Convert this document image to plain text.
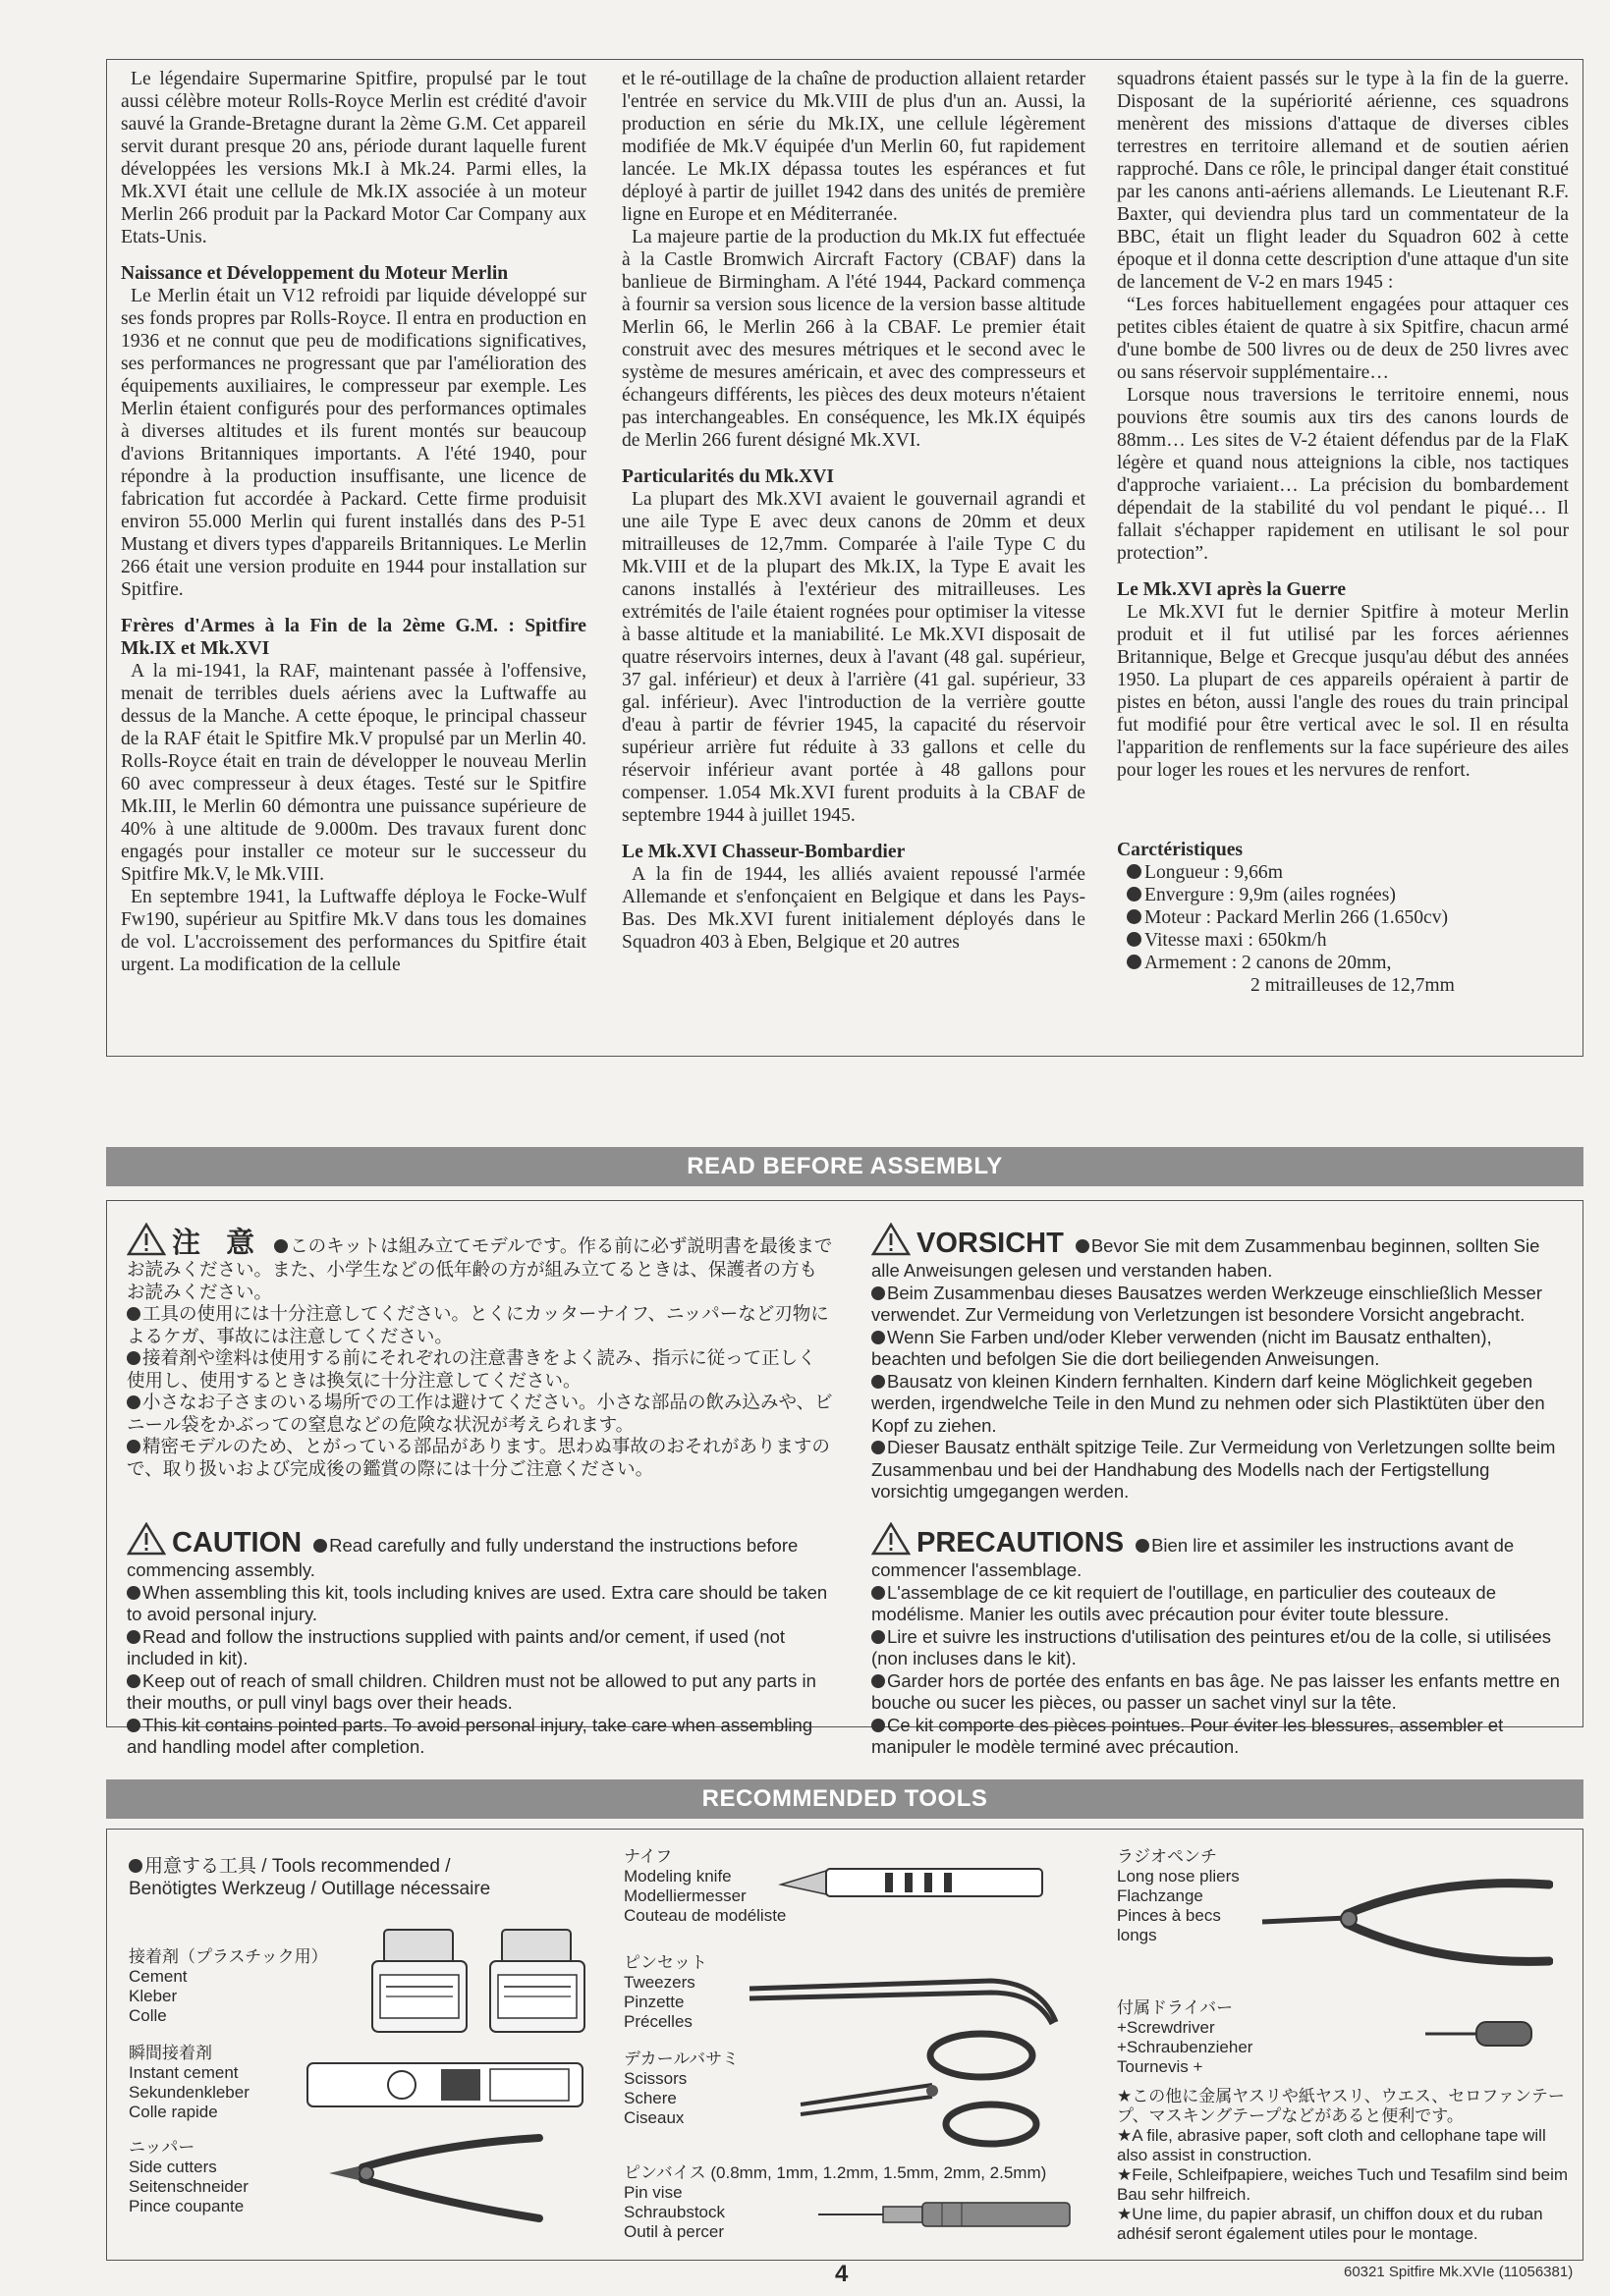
Le légendaire Supermarine Spitfire, propulsé par le tout aussi célèbre moteur Rolls-Royce Merlin est crédité d'avoir sauvé la Grande-Bretagne durant la 2ème G.M. Cet appareil servit durant presque 20 ans, période durant laquelle furent développées les versions Mk.I à Mk.24. Parmi elles, la Mk.XVI était une cellule de Mk.IX associée à un moteur Merlin 266 produit par la Packard Motor Car Company aux Etats-Unis.

Naissance et Développement du Moteur Merlin

Le Merlin était un V12 refroidi par liquide développé sur ses fonds propres par Rolls-Royce. Il entra en production en 1936 et ne connut que peu de modifications significatives, ses performances ne progressant que par l'amélioration des équipements auxiliaires, le compresseur par exemple. Les Merlin étaient configurés pour des performances optimales à diverses altitudes et ils furent montés sur beaucoup d'avions Britanniques importants. A l'été 1940, pour répondre à la production insuffisante, une licence de fabrication fut accordée à Packard. Cette firme produisit environ 55.000 Merlin qui furent installés dans des P-51 Mustang et divers types d'appareils Britanniques. Le Merlin 266 était une version produite en 1944 pour installation sur Spitfire.

Frères d'Armes à la Fin de la 2ème G.M. : Spitfire Mk.IX et Mk.XVI

A la mi-1941, la RAF, maintenant passée à l'offensive, menait de terribles duels aériens avec la Luftwaffe au dessus de la Manche. A cette époque, le principal chasseur de la RAF était le Spitfire Mk.V propulsé par un Merlin 40. Rolls-Royce était en train de développer le nouveau Merlin 60 avec compresseur à deux étages. Testé sur le Spitfire Mk.III, le Merlin 60 démontra une puissance supérieure de 40% à une altitude de 9.000m. Des travaux furent donc engagés pour installer ce moteur sur le successeur du Spitfire Mk.V, le Mk.VIII.

En septembre 1941, la Luftwaffe déploya le Focke-Wulf Fw190, supérieur au Spitfire Mk.V dans tous les domaines de vol. L'accroissement des performances du Spitfire était urgent. La modification de la cellule

et le ré-outillage de la chaîne de production allaient retarder l'entrée en service du Mk.VIII de plus d'un an. Aussi, la production en série du Mk.IX, une cellule légèrement modifiée de Mk.V équipée d'un Merlin 60, fut rapidement lancée. Le Mk.IX dépassa toutes les espérances et fut déployé à partir de juillet 1942 dans des unités de première ligne en Europe et en Méditerranée.

La majeure partie de la production du Mk.IX fut effectuée à la Castle Bromwich Aircraft Factory (CBAF) dans la banlieue de Birmingham. A l'été 1944, Packard commença à fournir sa version sous licence de la version basse altitude Merlin 66, le Merlin 266 à la CBAF. Le premier était construit avec des mesures métriques et le second avec le système de mesures américain, et avec des compresseurs et échangeurs différents, les pièces des deux moteurs n'étaient pas interchangeables. En conséquence, les Mk.IX équipés de Merlin 266 furent désigné Mk.XVI.

Particularités du Mk.XVI

La plupart des Mk.XVI avaient le gouvernail agrandi et une aile Type E avec deux canons de 20mm et deux mitrailleuses de 12,7mm. Comparée à l'aile Type C du Mk.VIII et de la plupart des Mk.IX, la Type E avait les canons installés à l'extérieur des mitrailleuses. Les extrémités de l'aile étaient rognées pour optimiser la vitesse à basse altitude et la maniabilité. Le Mk.XVI disposait de quatre réservoirs internes, deux à l'avant (48 gal. supérieur, 37 gal. inférieur) et deux à l'arrière (41 gal. supérieur, 33 gal. inférieur). Avec l'introduction de la verrière goutte d'eau à partir de février 1945, la capacité du réservoir supérieur arrière fut réduite à 33 gallons et celle du réservoir inférieur avant portée à 48 gallons pour compenser. 1.054 Mk.XVI furent produits à la CBAF de septembre 1944 à juillet 1945.

Le Mk.XVI Chasseur-Bombardier

A la fin de 1944, les alliés avaient repoussé l'armée Allemande et s'enfonçaient en Belgique et dans les Pays-Bas. Des Mk.XVI furent initialement déployés dans le Squadron 403 à Eben, Belgique et 20 autres

squadrons étaient passés sur le type à la fin de la guerre. Disposant de la supériorité aérienne, ces squadrons menèrent des missions d'attaque de diverses cibles terrestres en territoire allemand et de soutien aérien rapproché. Dans ce rôle, le principal danger était constitué par les canons anti-aériens allemands. Le Lieutenant R.F. Baxter, qui deviendra plus tard un commentateur de la BBC, était un flight leader du Squadron 602 à cette époque et il donna cette description d'une attaque d'un site de lancement de V-2 en mars 1945 :

“Les forces habituellement engagées pour attaquer ces petites cibles étaient de quatre à six Spitfire, chacun armé d'une bombe de 500 livres ou de deux de 250 livres avec ou sans réservoir supplémentaire…

Lorsque nous traversions le territoire ennemi, nous pouvions être soumis aux tirs des canons lourds de 88mm… Les sites de V-2 étaient défendus par de la FlaK légère et quand nous atteignions la cible, nos tactiques d'approche variaient… La précision du bombardement dépendait de la stabilité du vol pendant le piqué… Il fallait s'échapper rapidement en utilisant le sol pour protection”.

Le Mk.XVI après la Guerre

Le Mk.XVI fut le dernier Spitfire à moteur Merlin produit et il fut utilisé par les forces aériennes Britannique, Belge et Grecque jusqu'au début des années 1950. La plupart de ces appareils opéraient à partir de pistes en béton, aussi l'angle des roues du train principal fut modifié pour être vertical avec le sol. Il en résulta l'apparition de renflements sur la face supérieure des ailes pour loger les roues et les nervures de renfort.

Carctéristiques

Longueur : 9,66m

Envergure : 9,9m (ailes rognées)

Moteur : Packard Merlin 266 (1.650cv)

Vitesse maxi : 650km/h

Armement : 2 canons de 20mm,

2 mitrailleuses de 12,7mm

READ BEFORE ASSEMBLY

注 意 このキットは組み立てモデルです。作る前に必ず説明書を最後までお読みください。また、小学生などの低年齢の方が組み立てるときは、保護者の方もお読みください。

工具の使用には十分注意してください。とくにカッターナイフ、ニッパーなど刃物によるケガ、事故には注意してください。

接着剤や塗料は使用する前にそれぞれの注意書きをよく読み、指示に従って正しく使用し、使用するときは換気に十分注意してください。

小さなお子さまのいる場所での工作は避けてください。小さな部品の飲み込みや、ビニール袋をかぶっての窒息などの危険な状況が考えられます。

精密モデルのため、とがっている部品があります。思わぬ事故のおそれがありますので、取り扱いおよび完成後の鑑賞の際には十分ご注意ください。

CAUTION Read carefully and fully understand the instructions before commencing assembly.

When assembling this kit, tools including knives are used. Extra care should be taken to avoid personal injury.

Read and follow the instructions supplied with paints and/or cement, if used (not included in kit).

Keep out of reach of small children. Children must not be allowed to put any parts in their mouths, or pull vinyl bags over their heads.

This kit contains pointed parts. To avoid personal injury, take care when assembling and handling model after completion.

VORSICHT Bevor Sie mit dem Zusammenbau beginnen, sollten Sie alle Anweisungen gelesen und verstanden haben.

Beim Zusammenbau dieses Bausatzes werden Werkzeuge einschließlich Messer verwendet. Zur Vermeidung von Verletzungen ist besondere Vorsicht angebracht.

Wenn Sie Farben und/oder Kleber verwenden (nicht im Bausatz enthalten), beachten und befolgen Sie die dort beiliegenden Anweisungen.

Bausatz von kleinen Kindern fernhalten. Kindern darf keine Möglichkeit gegeben werden, irgendwelche Teile in den Mund zu nehmen oder sich Plastiktüten über den Kopf zu ziehen.

Dieser Bausatz enthält spitzige Teile. Zur Vermeidung von Verletzungen sollte beim Zusammenbau und bei der Handhabung des Modells nach der Fertigstellung vorsichtig umgegangen werden.

PRECAUTIONS Bien lire et assimiler les instructions avant de commencer l'assemblage.

L'assemblage de ce kit requiert de l'outillage, en particulier des couteaux de modélisme. Manier les outils avec précaution pour éviter toute blessure.

Lire et suivre les instructions d'utilisation des peintures et/ou de la colle, si utilisées (non incluses dans le kit).

Garder hors de portée des enfants en bas âge. Ne pas laisser les enfants mettre en bouche ou sucer les pièces, ou passer un sachet vinyl sur la tête.

Ce kit comporte des pièces pointues. Pour éviter les blessures, assembler et manipuler le modèle terminé avec précaution.

RECOMMENDED TOOLS
用意する工具 / Tools recommended /
Benötigtes Werkzeug / Outillage nécessaire
接着剤（プラスチック用）
Cement
Kleber
Colle
瞬間接着剤
Instant cement
Sekundenkleber
Colle rapide
ニッパー
Side cutters
Seitenschneider
Pince coupante
ナイフ
Modeling knife
Modelliermesser
Couteau de modéliste
ピンセット
Tweezers
Pinzette
Précelles
デカールバサミ
Scissors
Schere
Ciseaux
ピンバイス (0.8mm, 1mm, 1.2mm, 1.5mm, 2mm, 2.5mm)
Pin vise
Schraubstock
Outil à percer
ラジオペンチ
Long nose pliers
Flachzange
Pinces à becs
longs
付属ドライバー
+Screwdriver
+Schraubenzieher
Tournevis +
★この他に金属ヤスリや紙ヤスリ、ウエス、セロファンテープ、マスキングテープなどがあると便利です。
★A file, abrasive paper, soft cloth and cellophane tape will also assist in construction.
★Feile, Schleifpapiere, weiches Tuch und Tesafilm sind beim Bau sehr hilfreich.
★Une lime, du papier abrasif, un chiffon doux et du ruban adhésif seront également utiles pour le montage.
4	60321 Spitfire Mk.XVIe (11056381)
